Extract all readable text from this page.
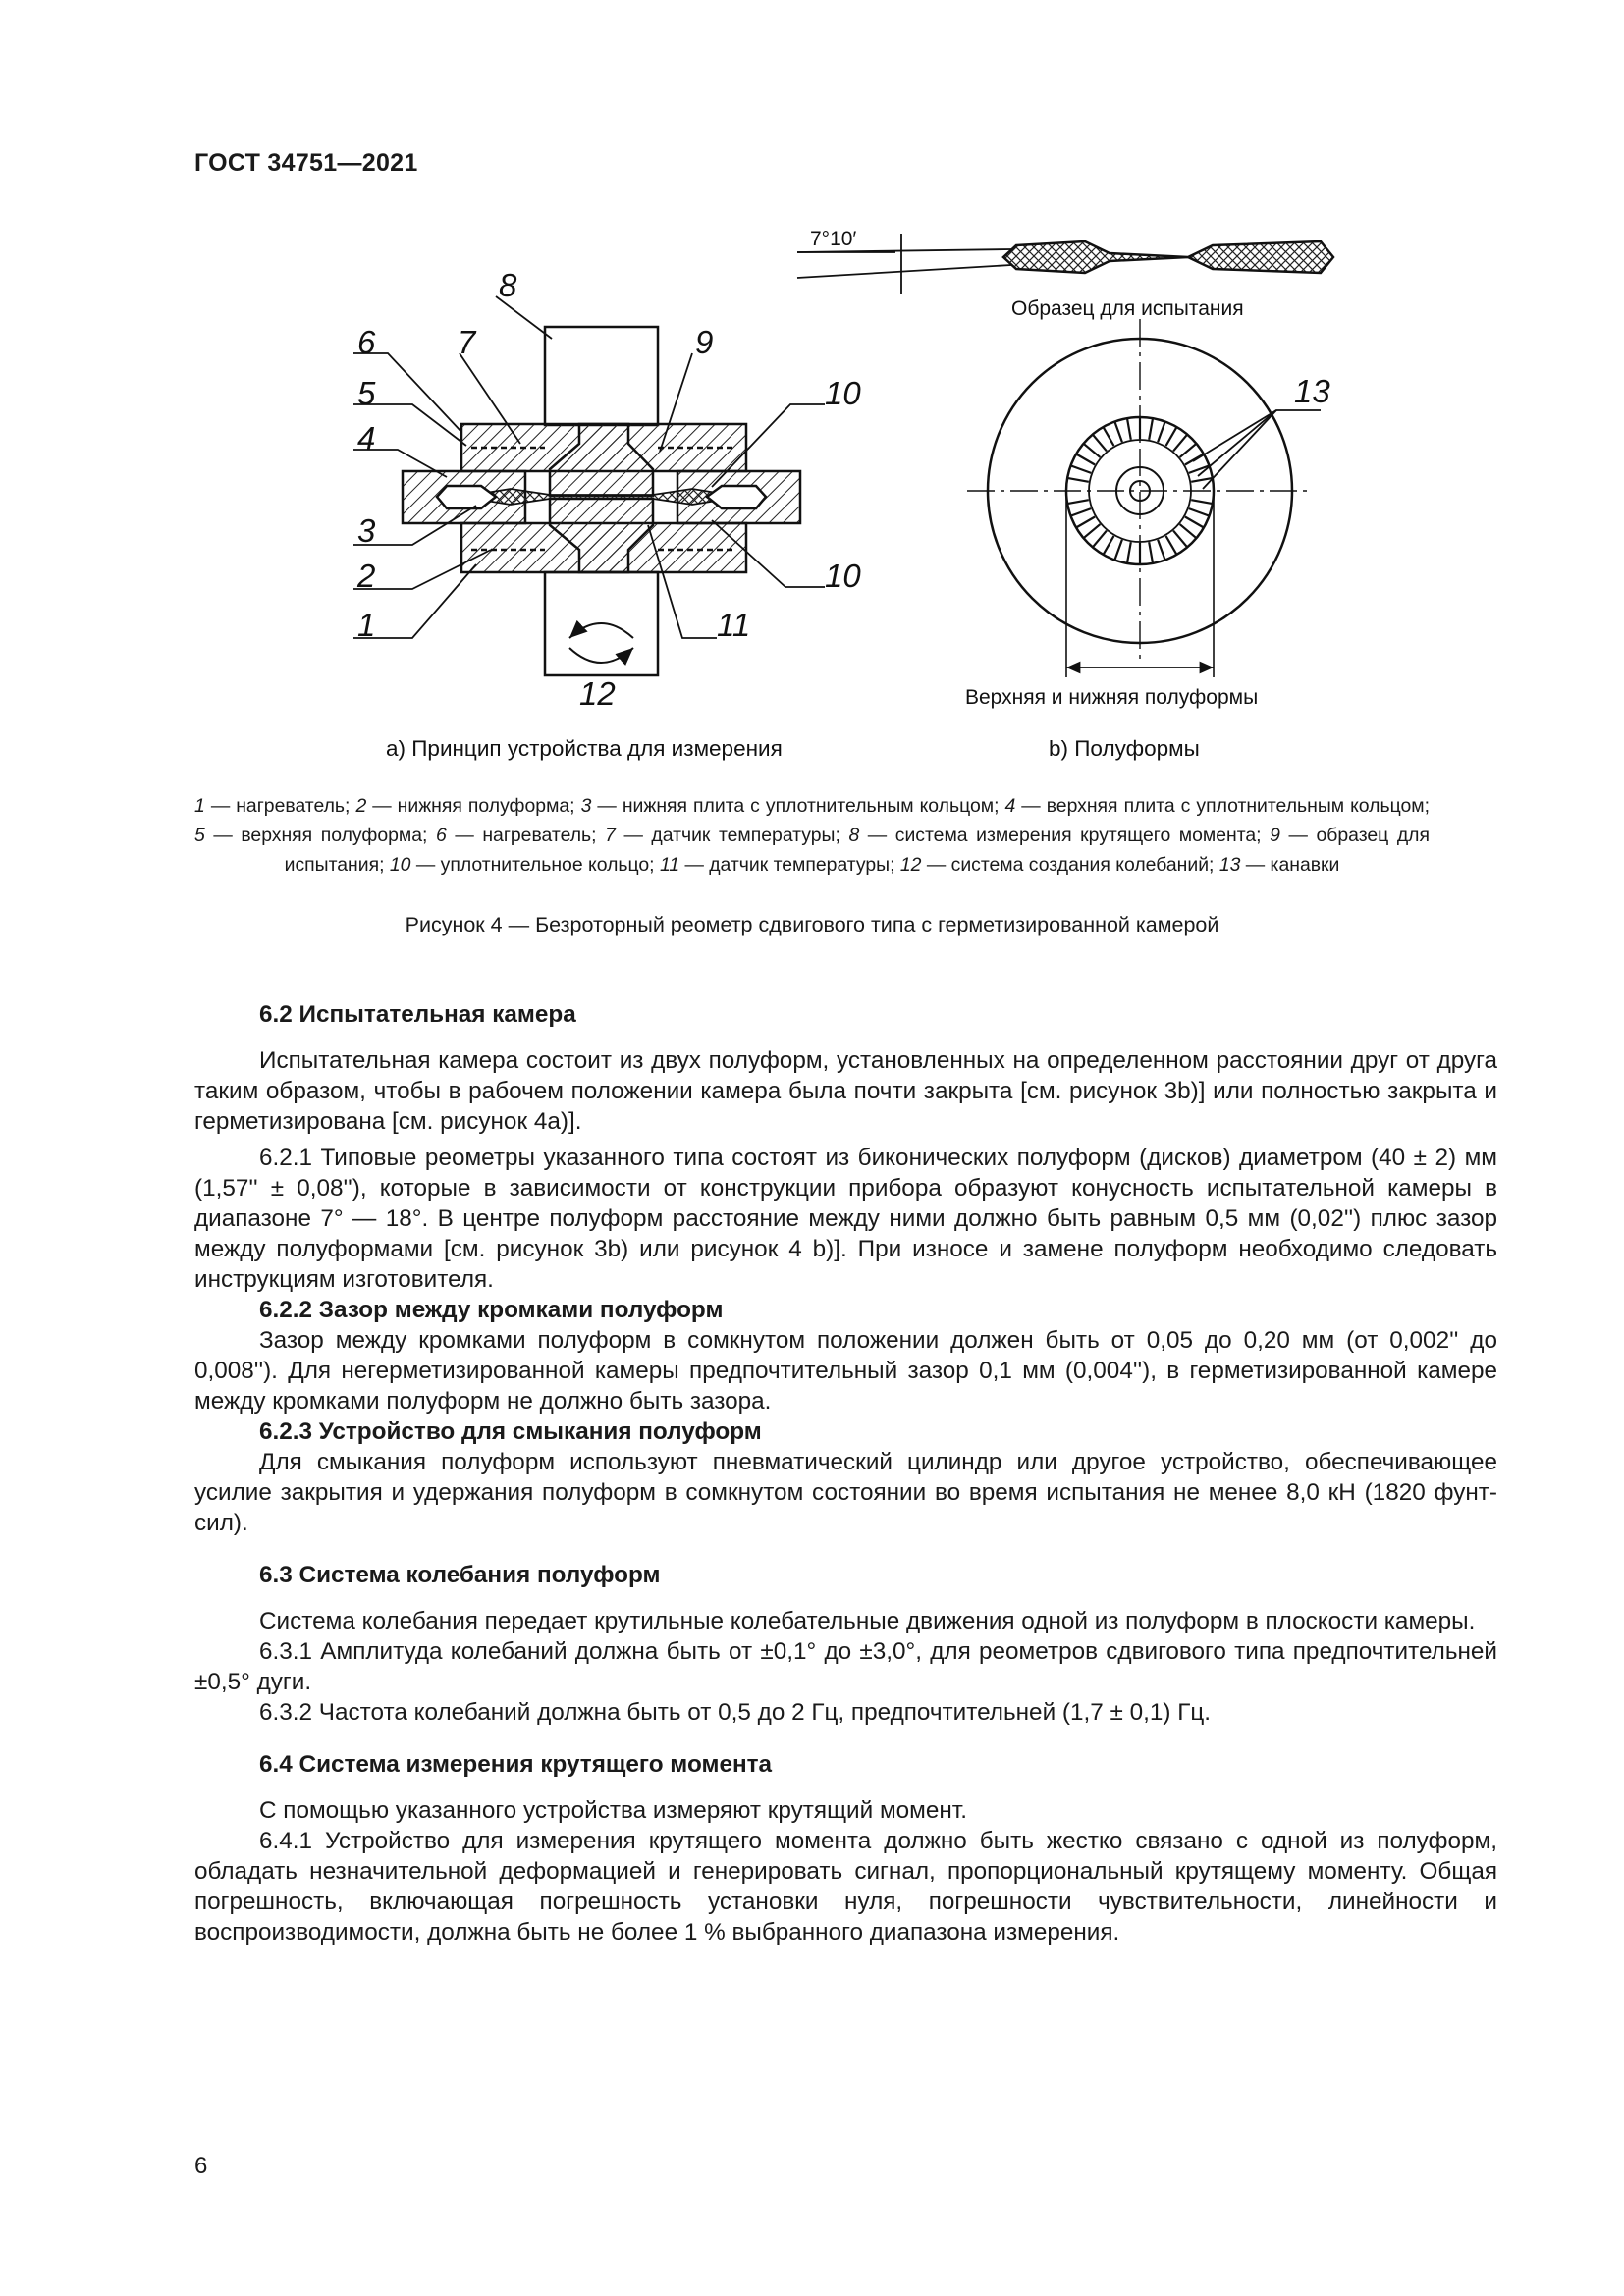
ГОСТ 34751—2021
8
6	7	9
10
5
4
3
2
1
10
11
12
7°10′
Образец для испытания
13
Верхняя и нижняя полуформы
а) Принцип устройства для измерения	b) Полуформы
1 — нагреватель; 2 — нижняя полуформа; 3 — нижняя плита с уплотнительным кольцом; 4 — верхняя плита с уплотнительным кольцом; 5 — верхняя полуформа; 6 — нагреватель; 7 — датчик температуры; 8 — система измерения крутящего момента; 9 — образец для испытания; 10 — уплотнительное кольцо; 11 — датчик температуры; 12 — система создания колебаний; 13 — канавки
Рисунок 4 — Безроторный реометр сдвигового типа с герметизированной камерой
6.2 Испытательная камера

Испытательная камера состоит из двух полуформ, установленных на определенном расстоянии друг от друга таким образом, чтобы в рабочем положении камера была почти закрыта [см. рисунок 3b)] или полностью закрыта и герметизирована [см. рисунок 4а)].

6.2.1 Типовые реометры указанного типа состоят из биконических полуформ (дисков) диаметром (40 ± 2) мм (1,57'' ± 0,08''), которые в зависимости от конструкции прибора образуют конусность испытательной камеры в диапазоне 7° — 18°. В центре полуформ расстояние между ними должно быть равным 0,5 мм (0,02'') плюс зазор между полуформами [см. рисунок 3b) или рисунок 4 b)]. При износе и замене полуформ необходимо следовать инструкциям изготовителя.

6.2.2 Зазор между кромками полуформ

Зазор между кромками полуформ в сомкнутом положении должен быть от 0,05 до 0,20 мм (от 0,002'' до 0,008''). Для негерметизированной камеры предпочтительный зазор 0,1 мм (0,004''), в герметизированной камере между кромками полуформ не должно быть зазора.

6.2.3 Устройство для смыкания полуформ

Для смыкания полуформ используют пневматический цилиндр или другое устройство, обеспечивающее усилие закрытия и удержания полуформ в сомкнутом состоянии во время испытания не менее 8,0 кН (1820 фунт-сил).

6.3 Система колебания полуформ

Система колебания передает крутильные колебательные движения одной из полуформ в плоскости камеры.

6.3.1 Амплитуда колебаний должна быть от ±0,1° до ±3,0°, для реометров сдвигового типа предпочтительней ±0,5° дуги.

6.3.2 Частота колебаний должна быть от 0,5 до 2 Гц, предпочтительней (1,7 ± 0,1) Гц.

6.4 Система измерения крутящего момента

С помощью указанного устройства измеряют крутящий момент.

6.4.1 Устройство для измерения крутящего момента должно быть жестко связано с одной из полуформ, обладать незначительной деформацией и генерировать сигнал, пропорциональный крутящему моменту. Общая погрешность, включающая погрешность установки нуля, погрешности чувствительности, линейности и воспроизводимости, должна быть не более 1 % выбранного диапазона измерения.

6
